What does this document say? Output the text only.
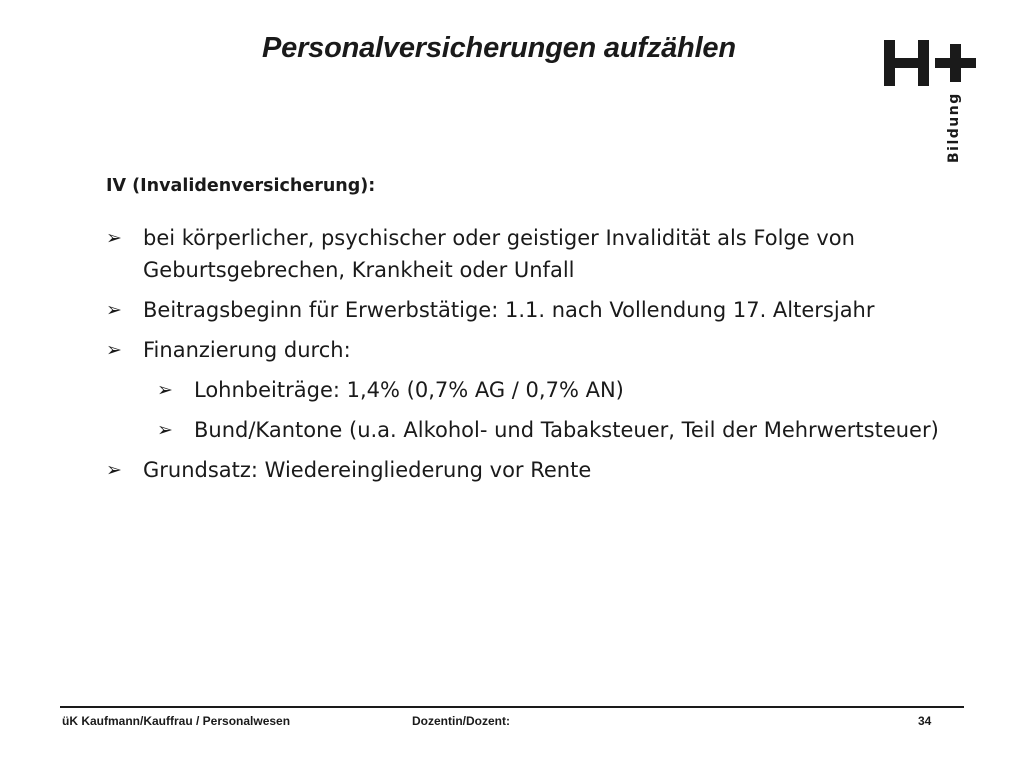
Personalversicherungen aufzählen
Bildung
IV (Invalidenversicherung):
➢ bei körperlicher, psychischer oder geistiger Invalidität als Folge von Geburtsgebrechen, Krankheit oder Unfall
➢ Beitragsbeginn für Erwerbstätige: 1.1. nach Vollendung 17. Altersjahr
➢ Finanzierung durch:
➢ Lohnbeiträge: 1,4% (0,7% AG / 0,7% AN)
➢ Bund/Kantone (u.a. Alkohol- und Tabaksteuer, Teil der Mehrwertsteuer)
➢ Grundsatz: Wiedereingliederung vor Rente
üK Kaufmann/Kauffrau / Personalwesen	Dozentin/Dozent:	34
